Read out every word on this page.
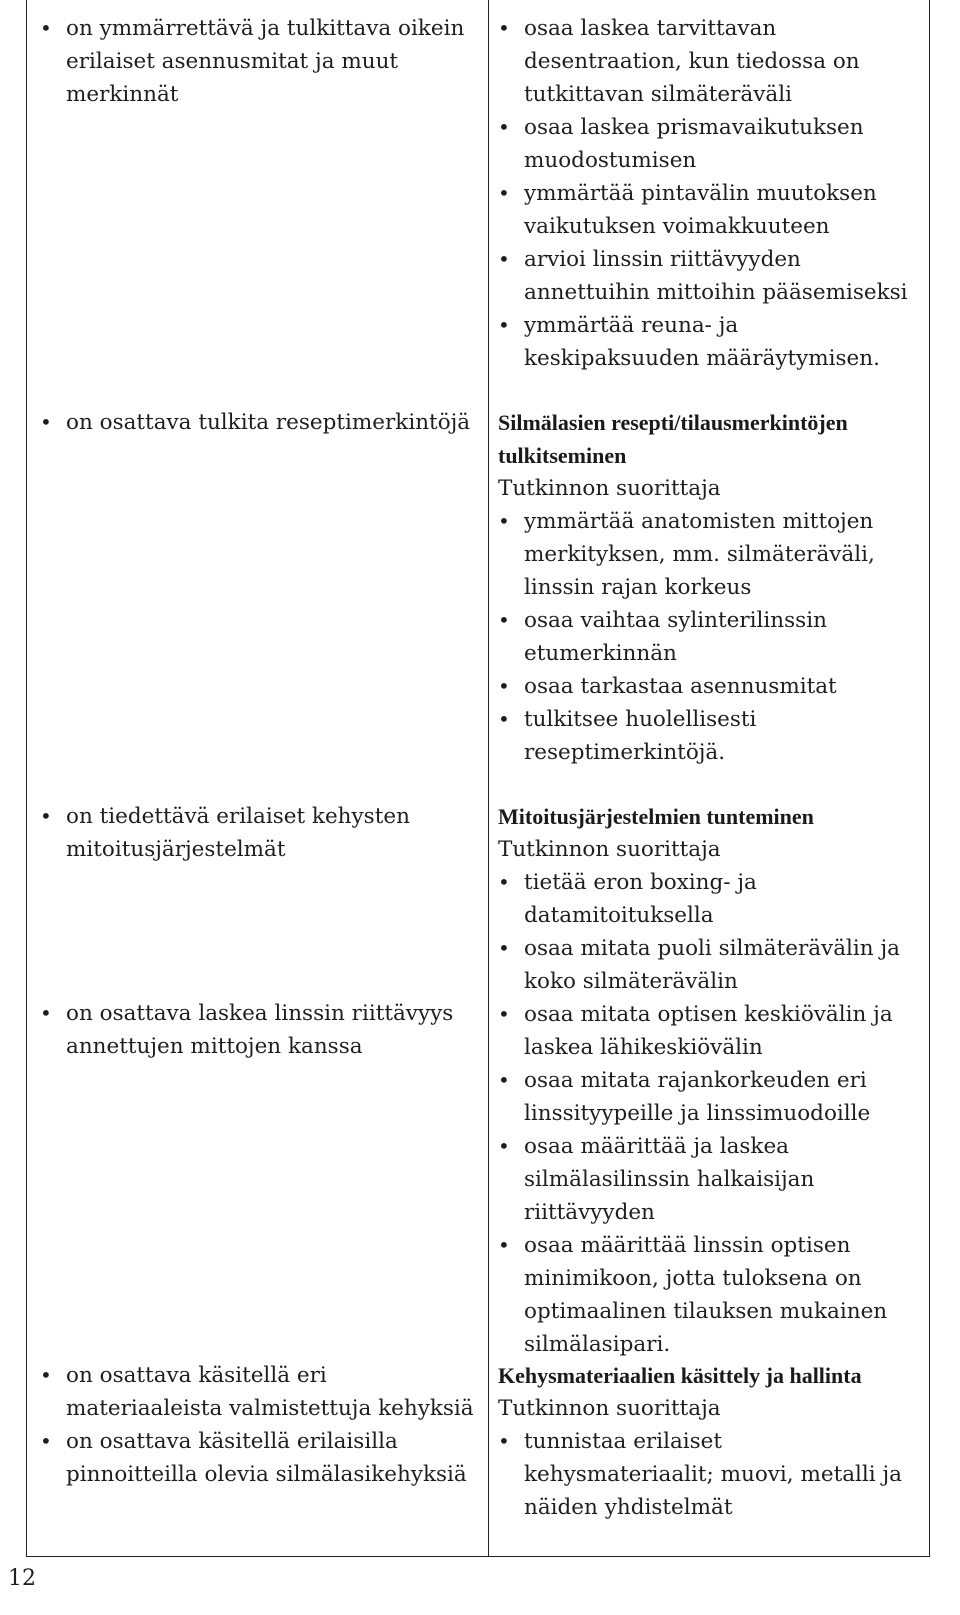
• on ymmärrettävä ja tulkittava oikein erilaiset asennusmitat ja muut merkinnät
• on osattava tulkita reseptimerkintöjä
• on tiedettävä erilaiset kehysten mitoitusjärjestelmät
• on osattava laskea linssin riittävyys annettujen mittojen kanssa
• on osattava käsitellä eri materiaaleista valmistettuja kehyksiä
• on osattava käsitellä erilaisilla pinnoitteilla olevia silmälasikehyksiä
• osaa laskea tarvittavan desentraation, kun tiedossa on tutkittavan silmäteräväli
• osaa laskea prismavaikutuksen muodostumisen
• ymmärtää pintavälin muutoksen vaikutuksen voimakkuuteen
• arvioi linssin riittävyyden annettuihin mittoihin pääsemiseksi
• ymmärtää reuna- ja keskipaksuuden määräytymisen.
Silmälasien resepti/tilausmerkintöjen tulkitseminen
Tutkinnon suorittaja
• ymmärtää anatomisten mittojen merkityksen, mm. silmäteräväli, linssin rajan korkeus
• osaa vaihtaa sylinterilinssin etumerkinnän
• osaa tarkastaa asennusmitat
• tulkitsee huolellisesti reseptimerkintöjä.
Mitoitusjärjestelmien tunteminen
Tutkinnon suorittaja
• tietää eron boxing- ja datamitoituksella
• osaa mitata puoli silmäterävälin ja koko silmäterävälin
• osaa mitata optisen keskiövälin ja laskea lähikeskiövälin
• osaa mitata rajankorkeuden eri linssityypeille ja linssimuodoille
• osaa määrittää ja laskea silmälasilinssin halkaisijan riittävyyden
• osaa määrittää linssin optisen minimikoon, jotta tuloksena on optimaalinen tilauksen mukainen silmälasipari.
Kehysmateriaalien käsittely ja hallinta
Tutkinnon suorittaja
• tunnistaa erilaiset kehysmateriaalit; muovi, metalli ja näiden yhdistelmät
12
